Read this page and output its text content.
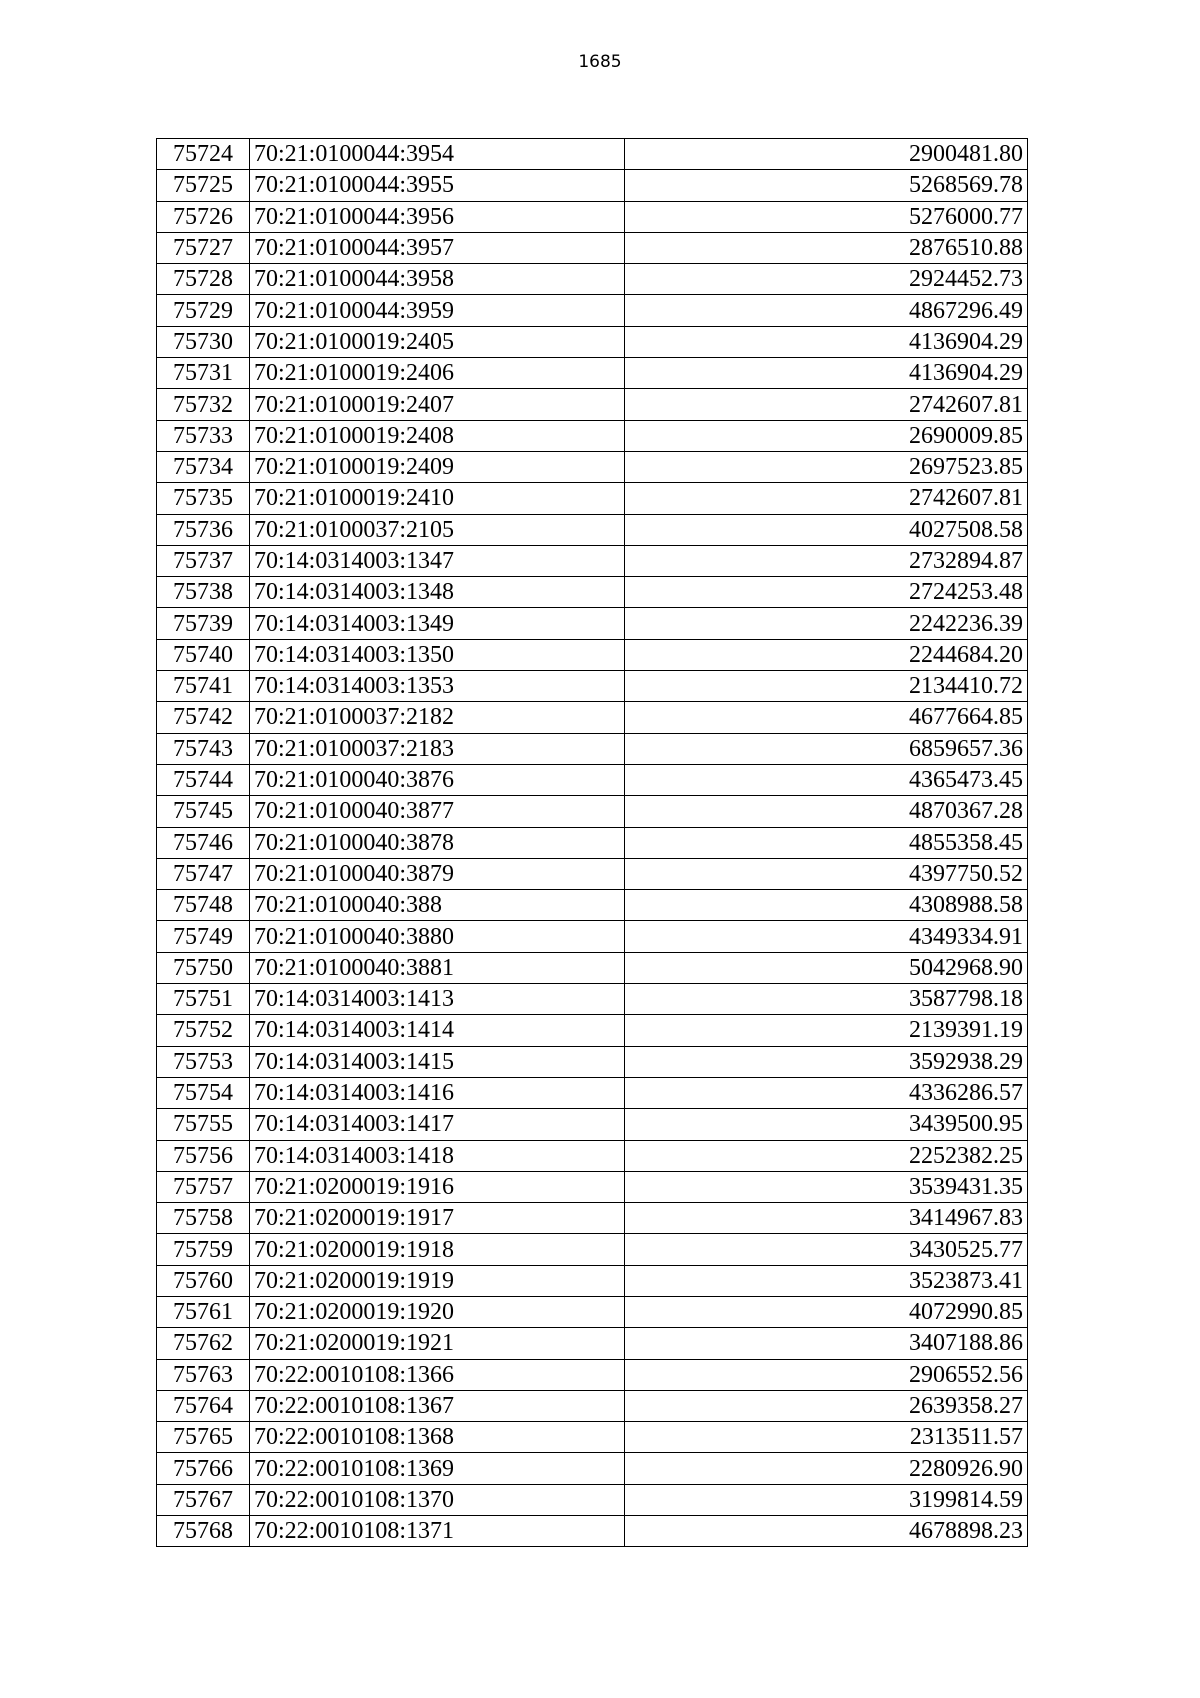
1685
75724	70:21:0100044:3954		2900481.80
75725	70:21:0100044:3955		5268569.78
75726	70:21:0100044:3956		5276000.77
75727	70:21:0100044:3957		2876510.88
75728	70:21:0100044:3958		2924452.73
75729	70:21:0100044:3959		4867296.49
75730	70:21:0100019:2405		4136904.29
75731	70:21:0100019:2406		4136904.29
75732	70:21:0100019:2407		2742607.81
75733	70:21:0100019:2408		2690009.85
75734	70:21:0100019:2409		2697523.85
75735	70:21:0100019:2410		2742607.81
75736	70:21:0100037:2105		4027508.58
75737	70:14:0314003:1347		2732894.87
75738	70:14:0314003:1348		2724253.48
75739	70:14:0314003:1349		2242236.39
75740	70:14:0314003:1350		2244684.20
75741	70:14:0314003:1353		2134410.72
75742	70:21:0100037:2182		4677664.85
75743	70:21:0100037:2183		6859657.36
75744	70:21:0100040:3876		4365473.45
75745	70:21:0100040:3877		4870367.28
75746	70:21:0100040:3878		4855358.45
75747	70:21:0100040:3879		4397750.52
75748	70:21:0100040:388		4308988.58
75749	70:21:0100040:3880		4349334.91
75750	70:21:0100040:3881		5042968.90
75751	70:14:0314003:1413		3587798.18
75752	70:14:0314003:1414		2139391.19
75753	70:14:0314003:1415		3592938.29
75754	70:14:0314003:1416		4336286.57
75755	70:14:0314003:1417		3439500.95
75756	70:14:0314003:1418		2252382.25
75757	70:21:0200019:1916		3539431.35
75758	70:21:0200019:1917		3414967.83
75759	70:21:0200019:1918		3430525.77
75760	70:21:0200019:1919		3523873.41
75761	70:21:0200019:1920		4072990.85
75762	70:21:0200019:1921		3407188.86
75763	70:22:0010108:1366		2906552.56
75764	70:22:0010108:1367		2639358.27
75765	70:22:0010108:1368		2313511.57
75766	70:22:0010108:1369		2280926.90
75767	70:22:0010108:1370		3199814.59
75768	70:22:0010108:1371		4678898.23
